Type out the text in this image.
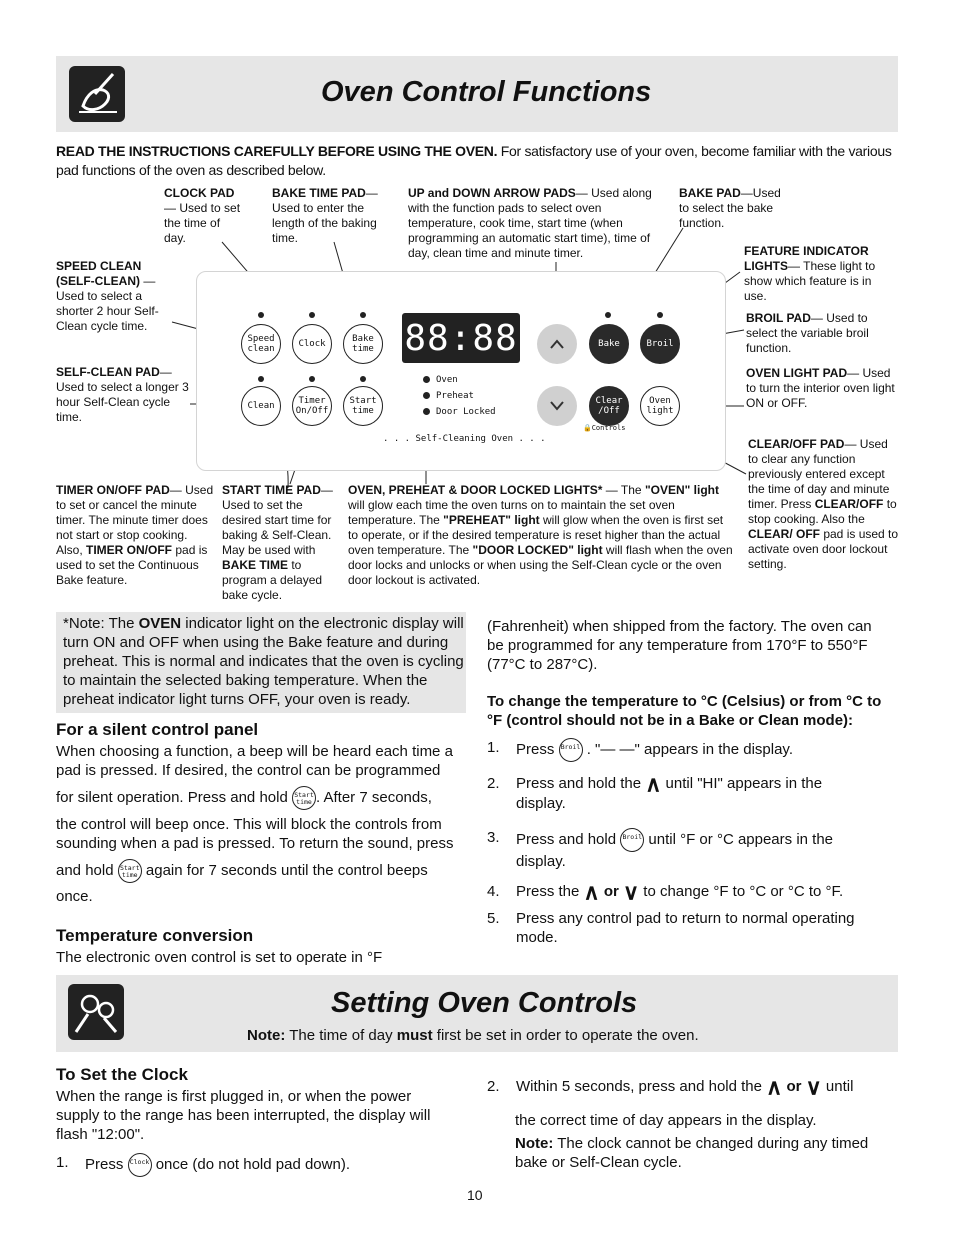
Oven Control Functions
READ THE INSTRUCTIONS CAREFULLY BEFORE USING THE OVEN. For satisfactory use of your oven, become familiar with the various pad functions of the oven as described below.
CLOCK PAD— Used to set the time of day.
BAKE TIME PAD— Used to enter the length of the baking time.
UP and DOWN ARROW PADS— Used along with the function pads to select oven temperature, cook time, start time (when programming an automatic start time), time of day, clean time and minute timer.
BAKE PAD—Used to select the bake function.
FEATURE INDICATOR LIGHTS— These light to show which feature is in use.
SPEED CLEAN (SELF-CLEAN) — Used to select a shorter 2 hour Self-Clean cycle time.
BROIL PAD— Used to select the variable broil function.
SELF-CLEAN PAD— Used to select a longer 3 hour Self-Clean cycle time.
OVEN LIGHT PAD— Used to turn the interior oven light ON or OFF.
CLEAR/OFF PAD— Used to clear any function previously entered except the time of day and minute timer. Press CLEAR/OFF to stop cooking. Also the CLEAR/ OFF pad is used to activate oven door lockout setting.
Speed clean	Clock	Bake time
Clean	Timer On/Off
Start time
88:88
Oven
Preheat
Door Locked
. . . Self-Cleaning Oven . . .
Bake	Broil
Clear /Off
Oven light
🔒Controls
TIMER ON/OFF PAD— Used to set or cancel the minute timer. The minute timer does not start or stop cooking. Also, TIMER ON/OFF pad is used to set the Continuous Bake feature.
START TIME PAD— Used to set the desired start time for baking & Self-Clean. May be used with BAKE TIME to program a delayed bake cycle.
OVEN, PREHEAT & DOOR LOCKED LIGHTS* — The "OVEN" light will glow each time the oven turns on to maintain the set oven temperature. The "PREHEAT" light will glow when the oven is first set to operate, or if the desired temperature is reset higher than the actual oven temperature. The "DOOR LOCKED" light will flash when the oven door locks and unlocks or when using the Self-Clean cycle or the oven door lockout is activated.
*Note: The OVEN indicator light on the electronic display will turn ON and OFF when using the Bake feature and during preheat. This is normal and indicates that the oven is cycling to maintain the selected baking temperature. When the preheat indicator light turns OFF, your oven is ready.
For a silent control panel
When choosing a function, a beep will be heard each time a pad is pressed. If desired, the control can be programmed
for silent operation. Press and hold Start time . After 7 seconds,
the control will beep once. This will block the controls from sounding when a pad is pressed. To return the sound, press
and hold Start time again for 7 seconds until the control beeps
once.
Temperature conversion
The electronic oven control is set to operate in °F
(Fahrenheit) when shipped from the factory. The oven can be programmed for any temperature from 170°F to 550°F (77°C to 287°C).
To change the temperature to °C (Celsius) or from °C to °F (control should not be in a Bake or Clean mode):
1. Press Broil . "— —" appears in the display.
2. Press and hold the ∧ until "HI" appears in the display.
3. Press and hold Broil until °F or °C appears in the display.
4. Press the ∧ or ∨ to change °F to °C or °C to °F.
5. Press any control pad to return to normal operating mode.
Setting Oven Controls
Note: The time of day must first be set in order to operate the oven.
To Set the Clock
When the range is first plugged in, or when the power supply to the range has been interrupted, the display will flash "12:00".
1. Press Clock once (do not hold pad down).
2. Within 5 seconds, press and hold the ∧ or ∨ until
the correct time of day appears in the display.
Note: The clock cannot be changed during any timed bake or Self-Clean cycle.
10
